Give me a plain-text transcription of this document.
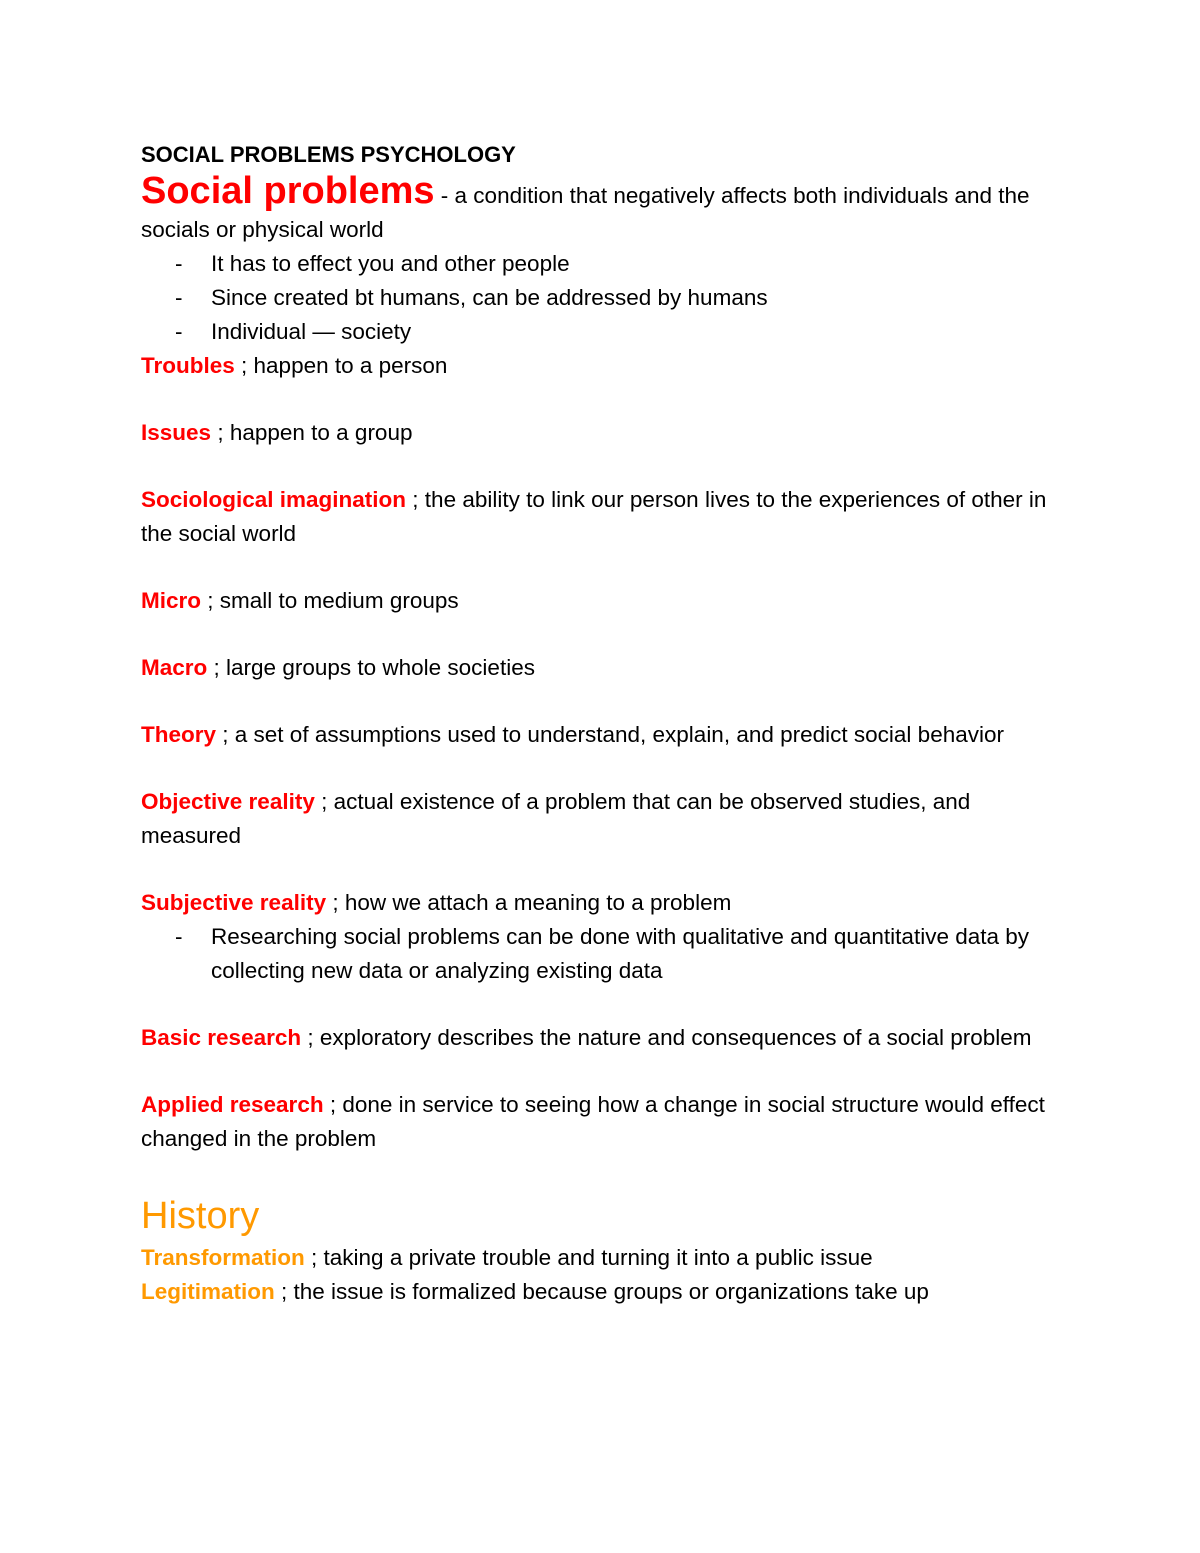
SOCIAL PROBLEMS PSYCHOLOGY

Social problems - a condition that negatively affects both individuals and the socials or physical world

- It has to effect you and other people
- Since created bt humans, can be addressed by humans
- Individual — society

Troubles ; happen to a person

Issues ; happen to a group

Sociological imagination ; the ability to link our person lives to the experiences of other in the social world

Micro ; small to medium groups

Macro ; large groups to whole societies

Theory ; a set of assumptions used to understand, explain, and predict social behavior

Objective reality ; actual existence of a problem that can be observed studies, and measured

Subjective reality ; how we attach a meaning to a problem

- Researching social problems can be done with qualitative and quantitative data by collecting new data or analyzing existing data

Basic research ; exploratory describes the nature and consequences of a social problem

Applied research ; done in service to seeing how a change in social structure would effect changed in the problem

History

Transformation ; taking a private trouble and turning it into a public issue

Legitimation ; the issue is formalized because groups or organizations take up
